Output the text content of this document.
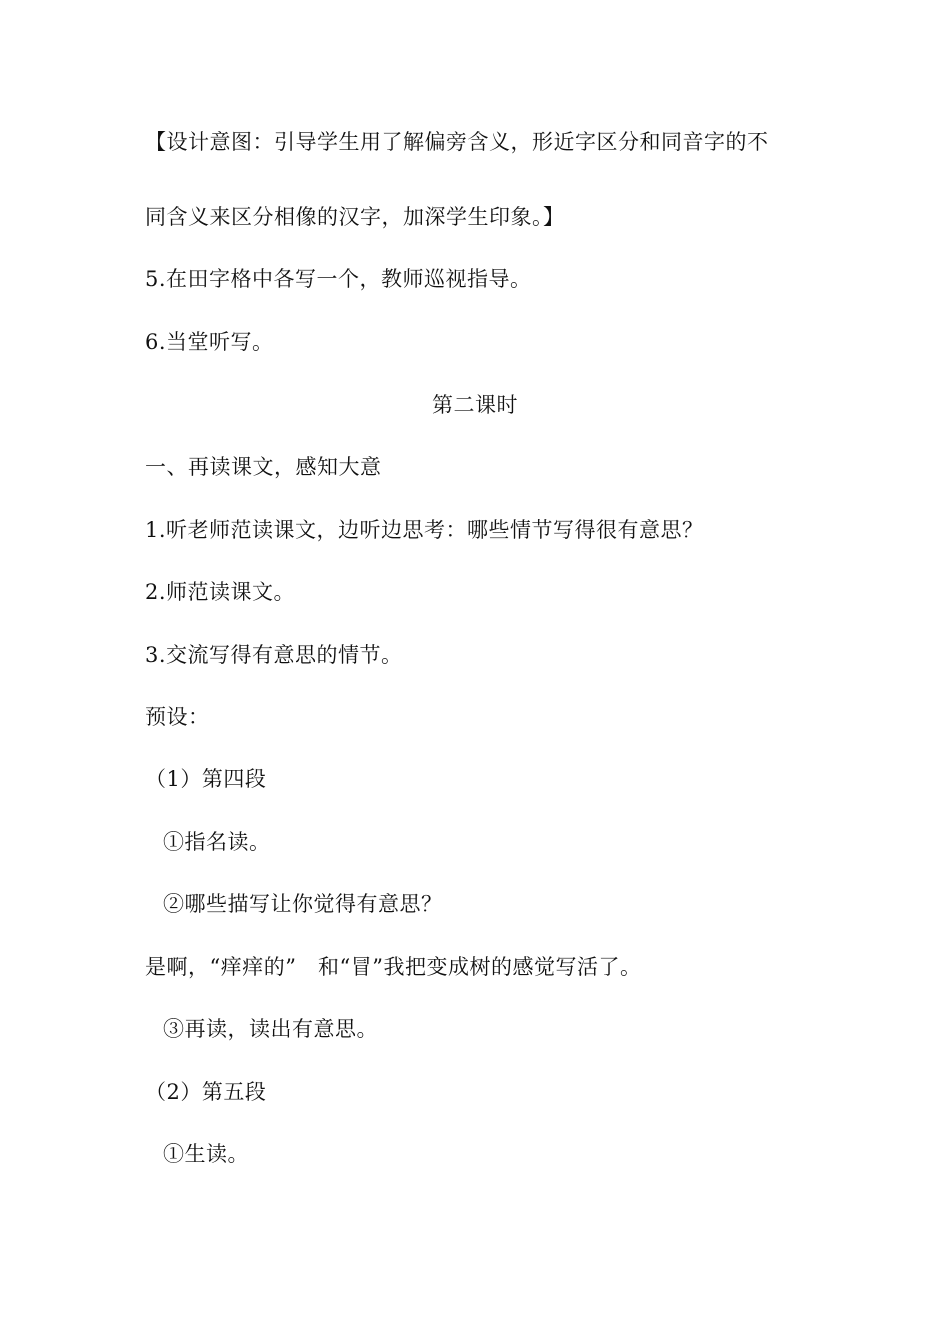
【设计意图：引导学生用了解偏旁含义，形近字区分和同音字的不
同含义来区分相像的汉字，加深学生印象。】
5.在田字格中各写一个，教师巡视指导。
6.当堂听写。
第二课时
一、再读课文，感知大意
1.听老师范读课文，边听边思考：哪些情节写得很有意思？
2.师范读课文。
3.交流写得有意思的情节。
预设：
（1）第四段
①指名读。
②哪些描写让你觉得有意思？
是啊，“痒痒的”　和“冒”我把变成树的感觉写活了。
③再读，读出有意思。
（2）第五段
①生读。
